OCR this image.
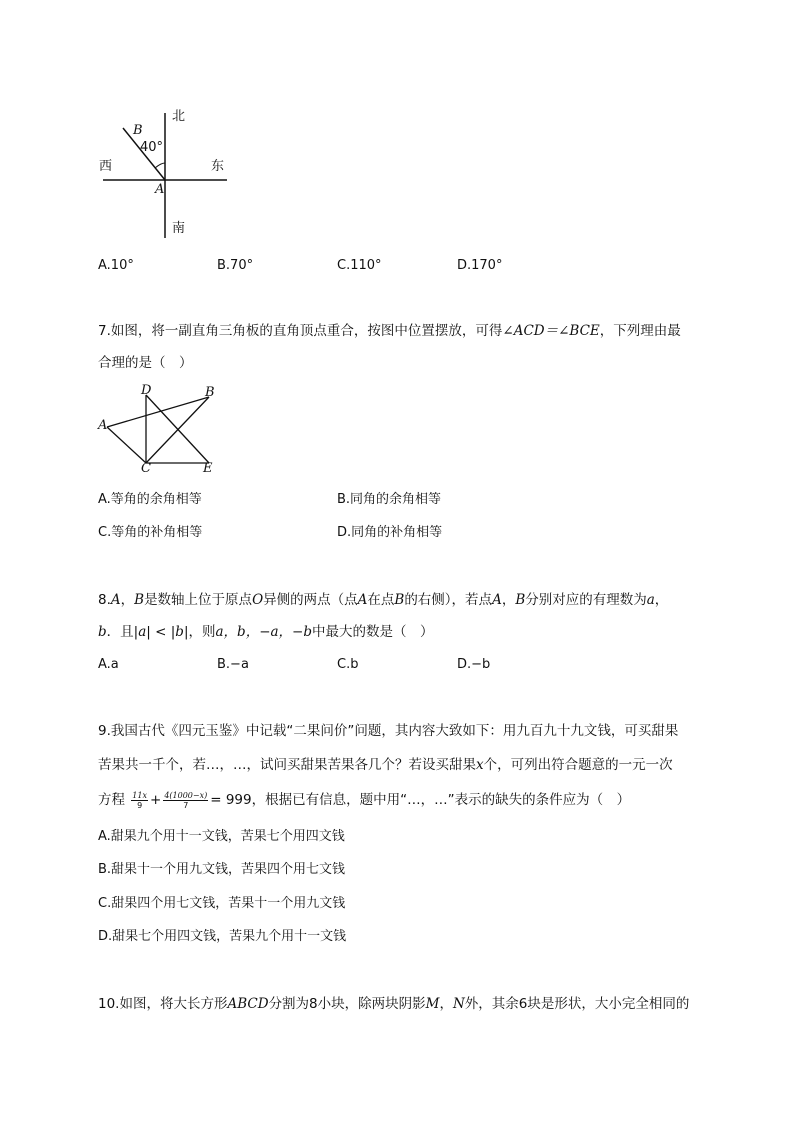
北
B
40°
西	东
A
南
A.10°	B.70°	C.110°	D.170°
7.如图，将一副直角三角板的直角顶点重合，按图中位置摆放，可得∠ACD＝∠BCE，下列理由最
合理的是（　）
D	B
A
C	E
A.等角的余角相等	B.同角的余角相等
C.等角的补角相等	D.同角的补角相等
8.A，B是数轴上位于原点O异侧的两点（点A在点B的右侧），若点A，B分别对应的有理数为a，
b．且|a| < |b|，则a，b，−a，−b中最大的数是（　）
A.a	B.−a	C.b	D.−b
9.我国古代《四元玉鉴》中记载“二果问价”问题，其内容大致如下：用九百九十九文钱，可买甜果
苦果共一千个，若…，…，试问买甜果苦果各几个？若设买甜果x个，可列出符合题意的一元一次
方程 $\frac{11x}{9} + \frac{4(1000-x)}{7} = 999$，根据已有信息，题中用“…，…”表示的缺失的条件应为（　）
A.甜果九个用十一文钱，苦果七个用四文钱
B.甜果十一个用九文钱，苦果四个用七文钱
C.甜果四个用七文钱，苦果十一个用九文钱
D.甜果七个用四文钱，苦果九个用十一文钱
10.如图，将大长方形ABCD分割为8小块，除两块阴影M，N外，其余6块是形状，大小完全相同的
